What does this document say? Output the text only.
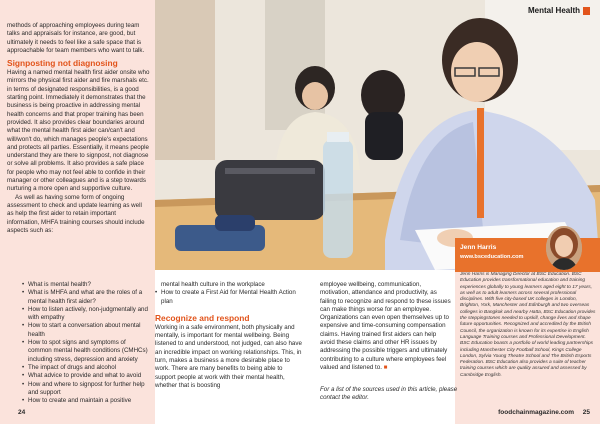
Mental Health

methods of approaching employees during team talks and appraisals for instance, are good, but ultimately it needs to feel like a safe space that is approachable for team members who want to talk.

Signposting not diagnosing

Having a named mental health first aider onsite who mirrors the physical first aider and fire marshals etc. in terms of designated responsibilities, is a good starting point. Immediately it demonstrates that the business is being proactive in addressing mental health concerns and that proper training has been provided. It also provides clear boundaries around what the mental health first aider can/can't and will/won't do, which manages people's expectations and protects all parties. Essentially, it means people understand they are there to signpost, not diagnose or solve all problems. It also provides a safe place for people who may not feel able to confide in their manager or other colleagues and is a step towards nurturing a more open and supportive culture.

As well as having some form of ongoing assessment to check and update learning as well as help the first aider to retain important information, MHFA training courses should include aspects such as:

• What is mental health?
• What is MHFA and what are the roles of a mental health first aider?
• How to listen actively, non-judgmentally and with empathy
• How to start a conversation about mental health
• How to spot signs and symptoms of common mental health conditions (CMHCs) including stress, depression and anxiety
• The impact of drugs and alcohol
• What advice to provide and what to avoid
• How and where to signpost for further help and support
• How to create and maintain a positive

mental health culture in the workplace

• How to create a First Aid for Mental Health Action plan
Recognize and respond

Working in a safe environment, both physically and mentally, is important for mental wellbeing. Being listened to and understood, not judged, can also have an incredible impact on working relationships. This, in turn, makes a business a more desirable place to work. There are many benefits to being able to support people at work with their mental health, whether that is boosting

employee wellbeing, communication, motivation, attendance and productivity, as failing to recognize and respond to these issues can make things worse for an employee. Organizations can even open themselves up to expensive and time-consuming compensation claims. Having trained first aiders can help avoid these claims and other HR issues by addressing the possible triggers and ultimately contributing to a culture where employees feel valued and listened to. ■

For a list of the sources used in this article, please contact the editor.
Jenn Harris
www.bsceducation.com
Jenn Harris is Managing Director at BSC Education. BSC Education provides transformational education and training experiences globally to young learners aged eight to 17 years, as well as to adult learners across several professional disciplines. With five city-based UK colleges in London, Brighton, York, Manchester and Edinburgh and two overseas colleges in Bangkok and nearby Hatta, BSC Education provides the steppingstones needed to upskill, change lives and shape future opportunities. Recognized and accredited by the British Council, the organization is known for its expertise in English Language Training courses and Professional Development. BSC Education boasts a portfolio of world leading partnerships including Manchester City Football School, Kings College London, Sylvia Young Theatre School and The British Esports Federation. BSC Education also provides a suite of teacher training courses which are quality assured and assessed by Cambridge English.
24	foodchainmagazine.com 25
